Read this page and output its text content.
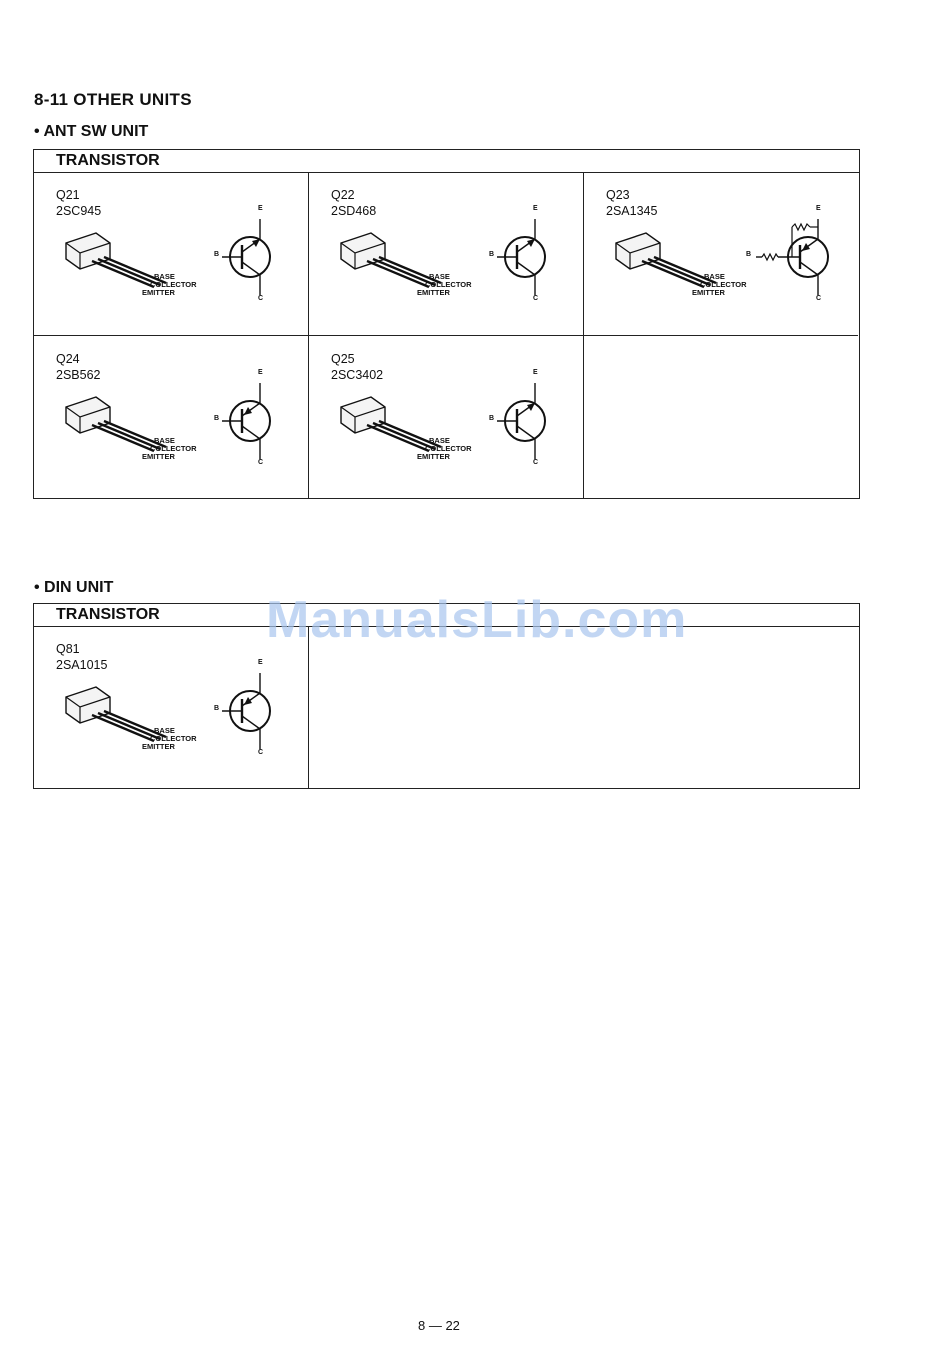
8-11 OTHER UNITS
• ANT SW UNIT
TRANSISTOR
Q21
2SC945
BASE
COLLECTOR
EMITTER
E
C
B
Q22
2SD468
BASE
COLLECTOR
EMITTER
E
C
B
Q23
2SA1345
BASE
COLLECTOR
EMITTER
E
C
B
Q24
2SB562
BASE
COLLECTOR
EMITTER
E
C
B
Q25
2SC3402
BASE
COLLECTOR
EMITTER
E
C
B
• DIN UNIT
TRANSISTOR
Q81
2SA1015
BASE
COLLECTOR
EMITTER
E
C
B
ManualsLib.com
8 — 22
